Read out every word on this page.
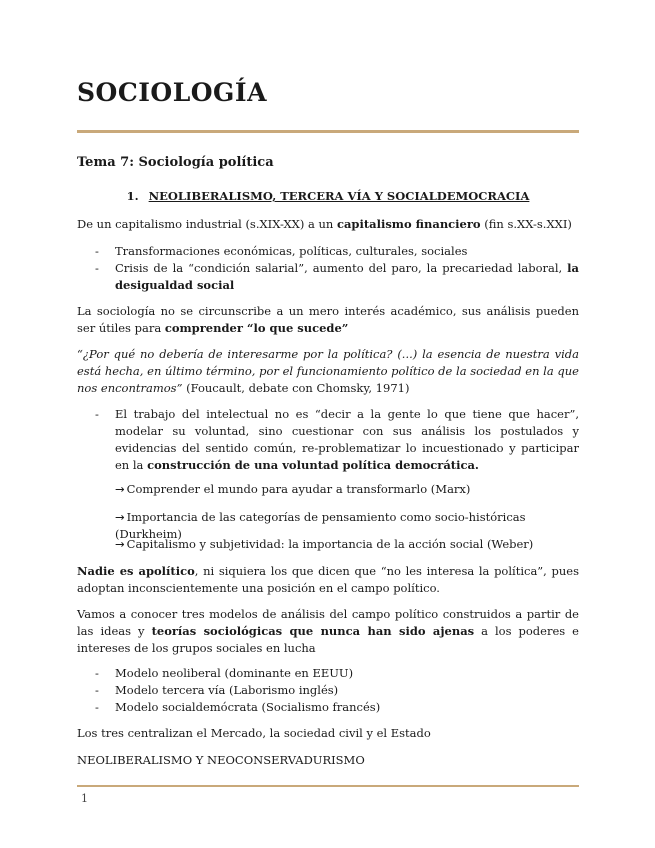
SOCIOLOGÍA

Tema 7: Sociología política

1. NEOLIBERALISMO, TERCERA VÍA Y SOCIALDEMOCRACIA

De un capitalismo industrial (s.XIX-XX) a un capitalismo financiero (fin s.XX-s.XXI)

- Transformaciones económicas, políticas, culturales, sociales
- Crisis de la “condición salarial”, aumento del paro, la precariedad laboral, la desigualdad social

La sociología no se circunscribe a un mero interés académico, sus análisis pueden ser útiles para comprender “lo que sucede”

“¿Por qué no debería de interesarme por la política? (...) la esencia de nuestra vida está hecha, en último término, por el funcionamiento político de la sociedad en la que nos encontramos” (Foucault, debate con Chomsky, 1971)

- El trabajo del intelectual no es “decir a la gente lo que tiene que hacer”, modelar su voluntad, sino cuestionar con sus análisis los postulados y evidencias del sentido común, re-problematizar lo incuestionado y participar en la construcción de una voluntad política democrática.
→ Comprender el mundo para ayudar a transformarlo (Marx)
→ Importancia de las categorías de pensamiento como socio-históricas (Durkheim)
→ Capitalismo y subjetividad: la importancia de la acción social (Weber)

Nadie es apolítico, ni siquiera los que dicen que “no les interesa la política”, pues adoptan inconscientemente una posición en el campo político.

Vamos a conocer tres modelos de análisis del campo político construidos a partir de las ideas y teorías sociológicas que nunca han sido ajenas a los poderes e intereses de los grupos sociales en lucha

- Modelo neoliberal (dominante en EEUU)
- Modelo tercera vía (Laborismo inglés)
- Modelo socialdemócrata (Socialismo francés)

Los tres centralizan el Mercado, la sociedad civil y el Estado

NEOLIBERALISMO Y NEOCONSERVADURISMO

1
